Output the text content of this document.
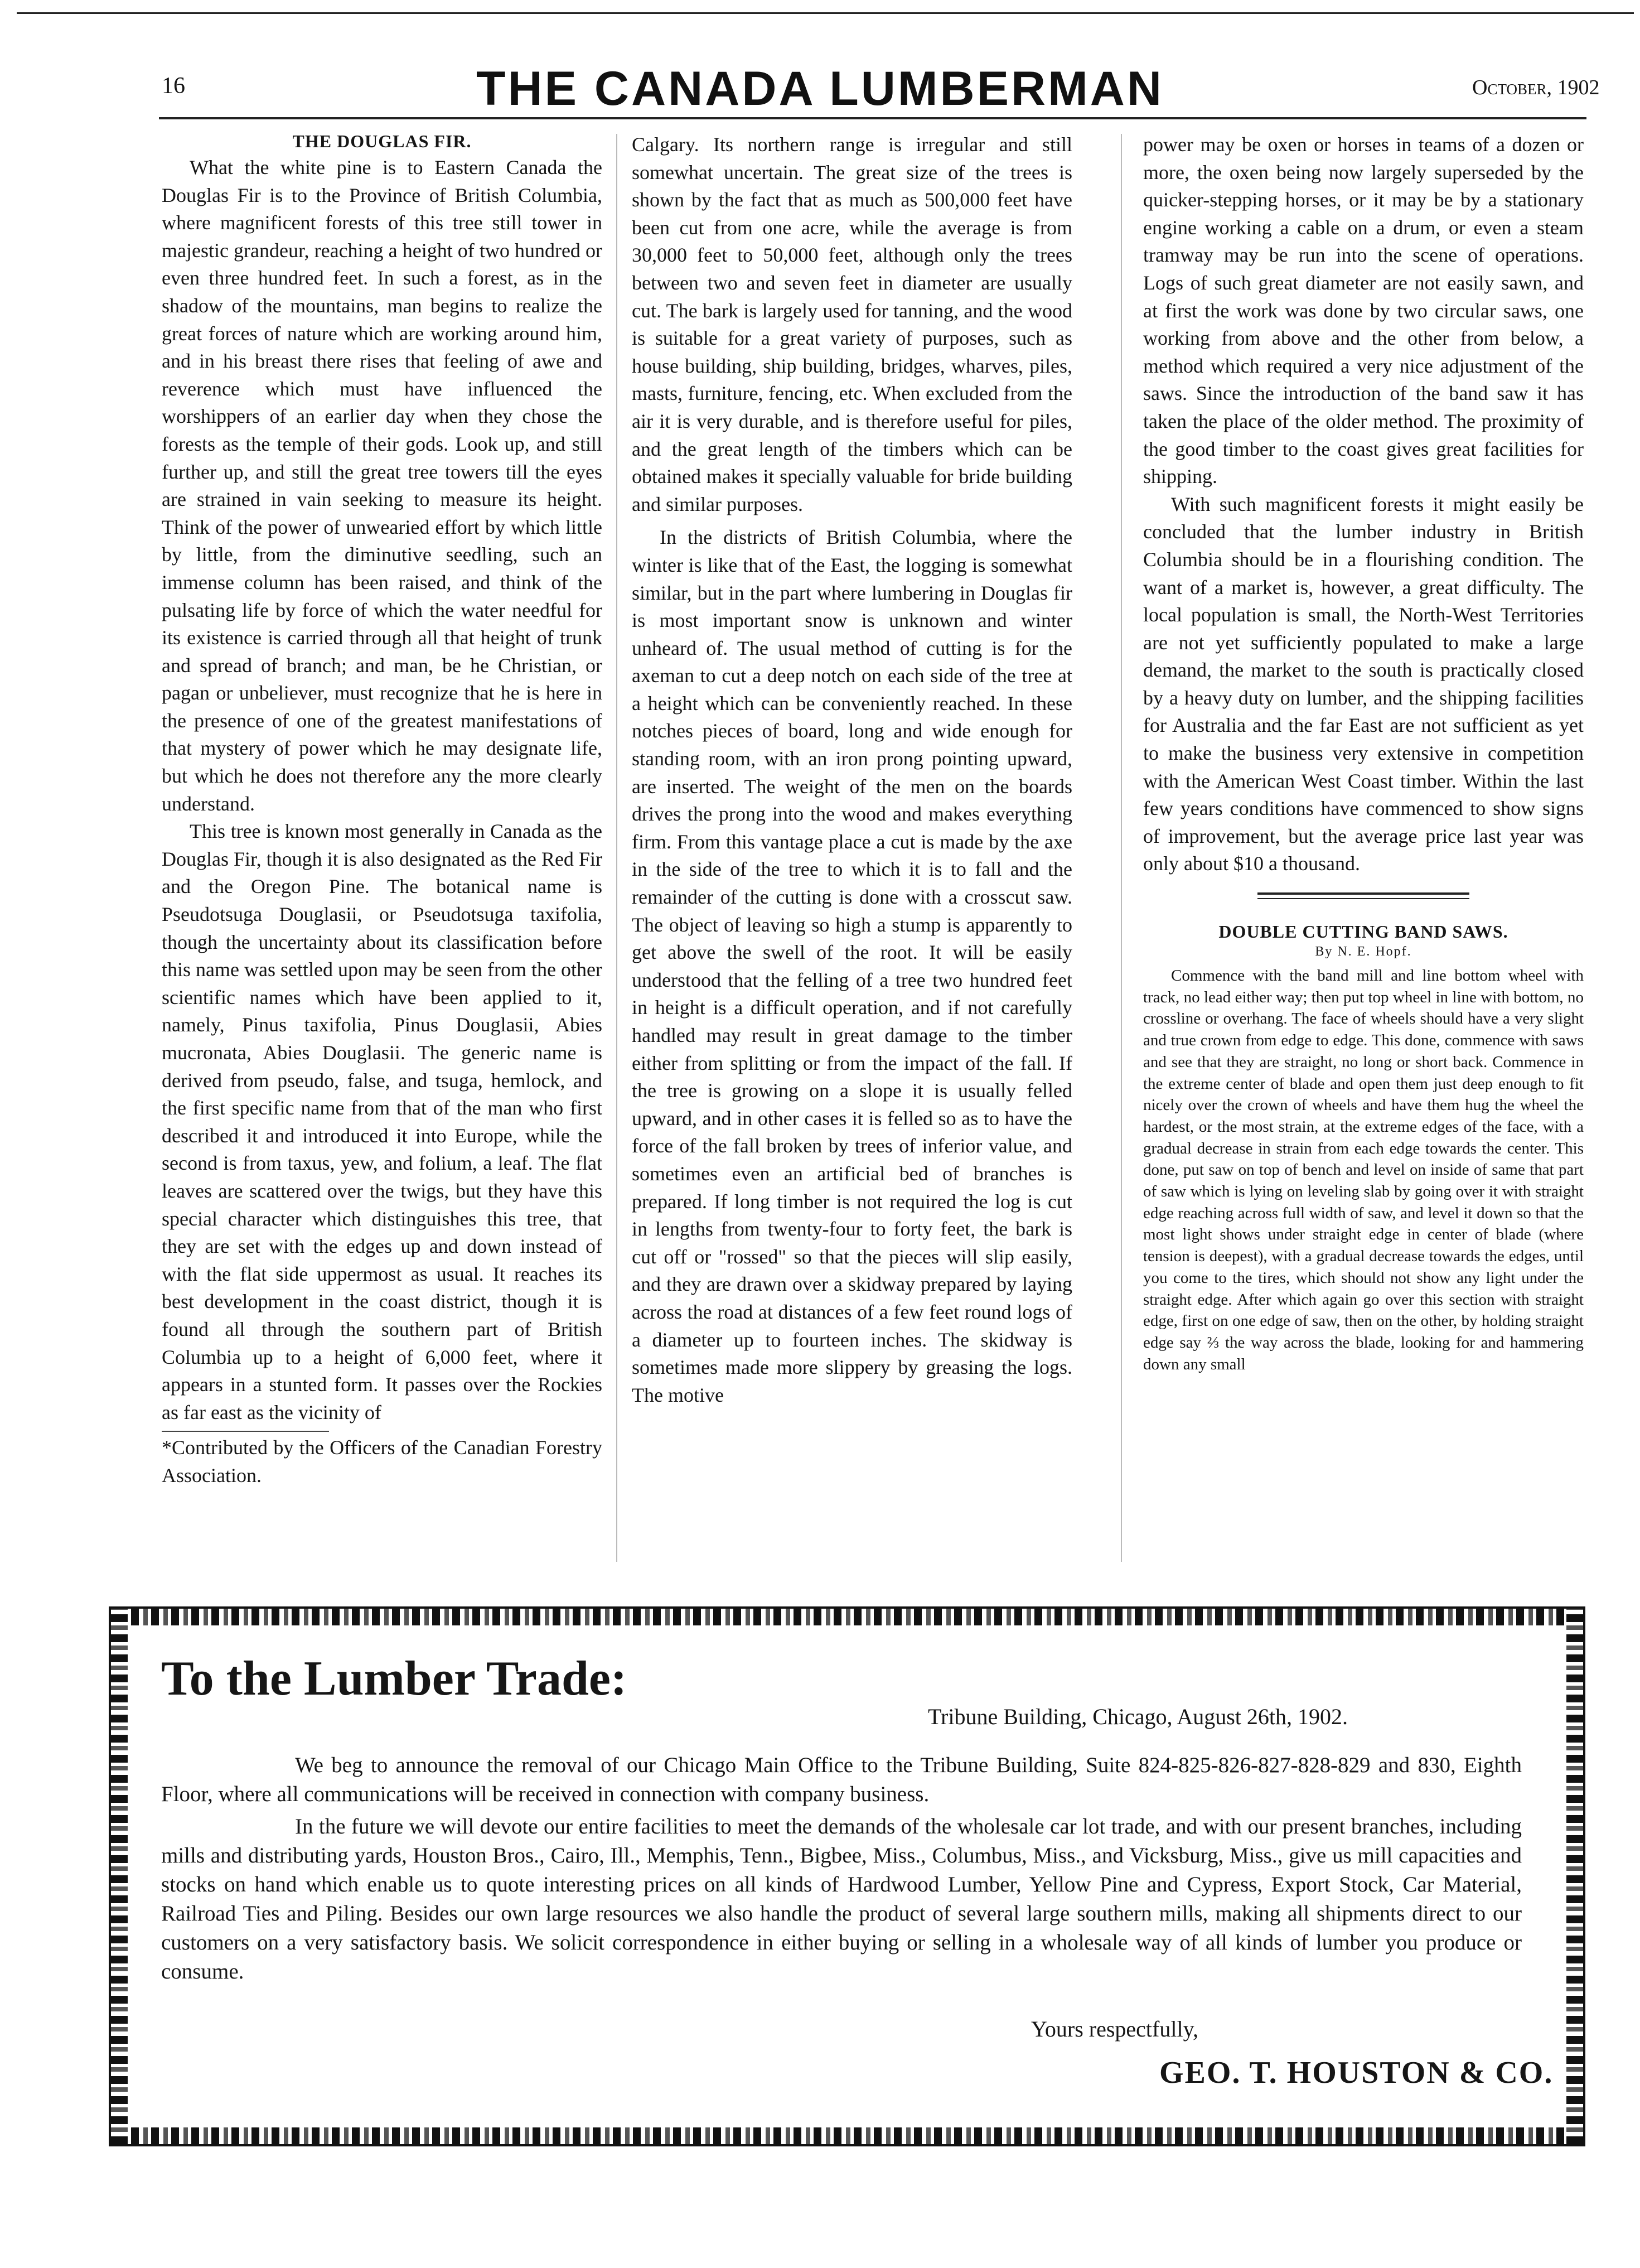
16	THE CANADA LUMBERMAN	October, 1902
THE DOUGLAS FIR.

What the white pine is to Eastern Canada the Douglas Fir is to the Province of British Columbia, where magnificent forests of this tree still tower in majestic grandeur, reaching a height of two hundred or even three hundred feet. In such a forest, as in the shadow of the mountains, man begins to realize the great forces of nature which are working around him, and in his breast there rises that feeling of awe and reverence which must have influenced the worshippers of an earlier day when they chose the forests as the temple of their gods. Look up, and still further up, and still the great tree towers till the eyes are strained in vain seeking to measure its height. Think of the power of unwearied effort by which little by little, from the diminutive seedling, such an immense column has been raised, and think of the pulsating life by force of which the water needful for its existence is carried through all that height of trunk and spread of branch; and man, be he Christian, or pagan or unbeliever, must recognize that he is here in the presence of one of the greatest manifestations of that mystery of power which he may designate life, but which he does not therefore any the more clearly understand.

This tree is known most generally in Canada as the Douglas Fir, though it is also designated as the Red Fir and the Oregon Pine. The botanical name is Pseudotsuga Douglasii, or Pseudotsuga taxifolia, though the uncertainty about its classification before this name was settled upon may be seen from the other scientific names which have been applied to it, namely, Pinus taxifolia, Pinus Douglasii, Abies mucronata, Abies Douglasii. The generic name is derived from pseudo, false, and tsuga, hemlock, and the first specific name from that of the man who first described it and introduced it into Europe, while the second is from taxus, yew, and folium, a leaf. The flat leaves are scattered over the twigs, but they have this special character which distinguishes this tree, that they are set with the edges up and down instead of with the flat side uppermost as usual. It reaches its best development in the coast district, though it is found all through the southern part of British Columbia up to a height of 6,000 feet, where it appears in a stunted form. It passes over the Rockies as far east as the vicinity of

*Contributed by the Officers of the Canadian Forestry Association.

Calgary. Its northern range is irregular and still somewhat uncertain. The great size of the trees is shown by the fact that as much as 500,000 feet have been cut from one acre, while the average is from 30,000 feet to 50,000 feet, although only the trees between two and seven feet in diameter are usually cut. The bark is largely used for tanning, and the wood is suitable for a great variety of purposes, such as house building, ship building, bridges, wharves, piles, masts, furniture, fencing, etc. When excluded from the air it is very durable, and is therefore useful for piles, and the great length of the timbers which can be obtained makes it specially valuable for bride building and similar purposes.

In the districts of British Columbia, where the winter is like that of the East, the logging is somewhat similar, but in the part where lumbering in Douglas fir is most important snow is unknown and winter unheard of. The usual method of cutting is for the axeman to cut a deep notch on each side of the tree at a height which can be conveniently reached. In these notches pieces of board, long and wide enough for standing room, with an iron prong pointing upward, are inserted. The weight of the men on the boards drives the prong into the wood and makes everything firm. From this vantage place a cut is made by the axe in the side of the tree to which it is to fall and the remainder of the cutting is done with a crosscut saw. The object of leaving so high a stump is apparently to get above the swell of the root. It will be easily understood that the felling of a tree two hundred feet in height is a difficult operation, and if not carefully handled may result in great damage to the timber either from splitting or from the impact of the fall. If the tree is growing on a slope it is usually felled upward, and in other cases it is felled so as to have the force of the fall broken by trees of inferior value, and sometimes even an artificial bed of branches is prepared. If long timber is not required the log is cut in lengths from twenty-four to forty feet, the bark is cut off or "rossed" so that the pieces will slip easily, and they are drawn over a skidway prepared by laying across the road at distances of a few feet round logs of a diameter up to fourteen inches. The skidway is sometimes made more slippery by greasing the logs. The motive

power may be oxen or horses in teams of a dozen or more, the oxen being now largely superseded by the quicker-stepping horses, or it may be by a stationary engine working a cable on a drum, or even a steam tramway may be run into the scene of operations. Logs of such great diameter are not easily sawn, and at first the work was done by two circular saws, one working from above and the other from below, a method which required a very nice adjustment of the saws. Since the introduction of the band saw it has taken the place of the older method. The proximity of the good timber to the coast gives great facilities for shipping.

With such magnificent forests it might easily be concluded that the lumber industry in British Columbia should be in a flourishing condition. The want of a market is, however, a great difficulty. The local population is small, the North-West Territories are not yet sufficiently populated to make a large demand, the market to the south is practically closed by a heavy duty on lumber, and the shipping facilities for Australia and the far East are not sufficient as yet to make the business very extensive in competition with the American West Coast timber. Within the last few years conditions have commenced to show signs of improvement, but the average price last year was only about $10 a thousand.

DOUBLE CUTTING BAND SAWS.
By N. E. Hopf.

Commence with the band mill and line bottom wheel with track, no lead either way; then put top wheel in line with bottom, no crossline or overhang. The face of wheels should have a very slight and true crown from edge to edge. This done, commence with saws and see that they are straight, no long or short back. Commence in the extreme center of blade and open them just deep enough to fit nicely over the crown of wheels and have them hug the wheel the hardest, or the most strain, at the extreme edges of the face, with a gradual decrease in strain from each edge towards the center. This done, put saw on top of bench and level on inside of same that part of saw which is lying on leveling slab by going over it with straight edge reaching across full width of saw, and level it down so that the most light shows under straight edge in center of blade (where tension is deepest), with a gradual decrease towards the edges, until you come to the tires, which should not show any light under the straight edge. After which again go over this section with straight edge, first on one edge of saw, then on the other, by holding straight edge say ⅔ the way across the blade, looking for and hammering down any small

To the Lumber Trade:
Tribune Building, Chicago, August 26th, 1902.

We beg to announce the removal of our Chicago Main Office to the Tribune Building, Suite 824-825-826-827-828-829 and 830, Eighth Floor, where all communications will be received in connection with company business.

In the future we will devote our entire facilities to meet the demands of the wholesale car lot trade, and with our present branches, including mills and distributing yards, Houston Bros., Cairo, Ill., Memphis, Tenn., Bigbee, Miss., Columbus, Miss., and Vicksburg, Miss., give us mill capacities and stocks on hand which enable us to quote interesting prices on all kinds of Hardwood Lumber, Yellow Pine and Cypress, Export Stock, Car Material, Railroad Ties and Piling. Besides our own large resources we also handle the product of several large southern mills, making all shipments direct to our customers on a very satisfactory basis. We solicit correspondence in either buying or selling in a wholesale way of all kinds of lumber you produce or consume.

Yours respectfully,
GEO. T. HOUSTON & CO.
